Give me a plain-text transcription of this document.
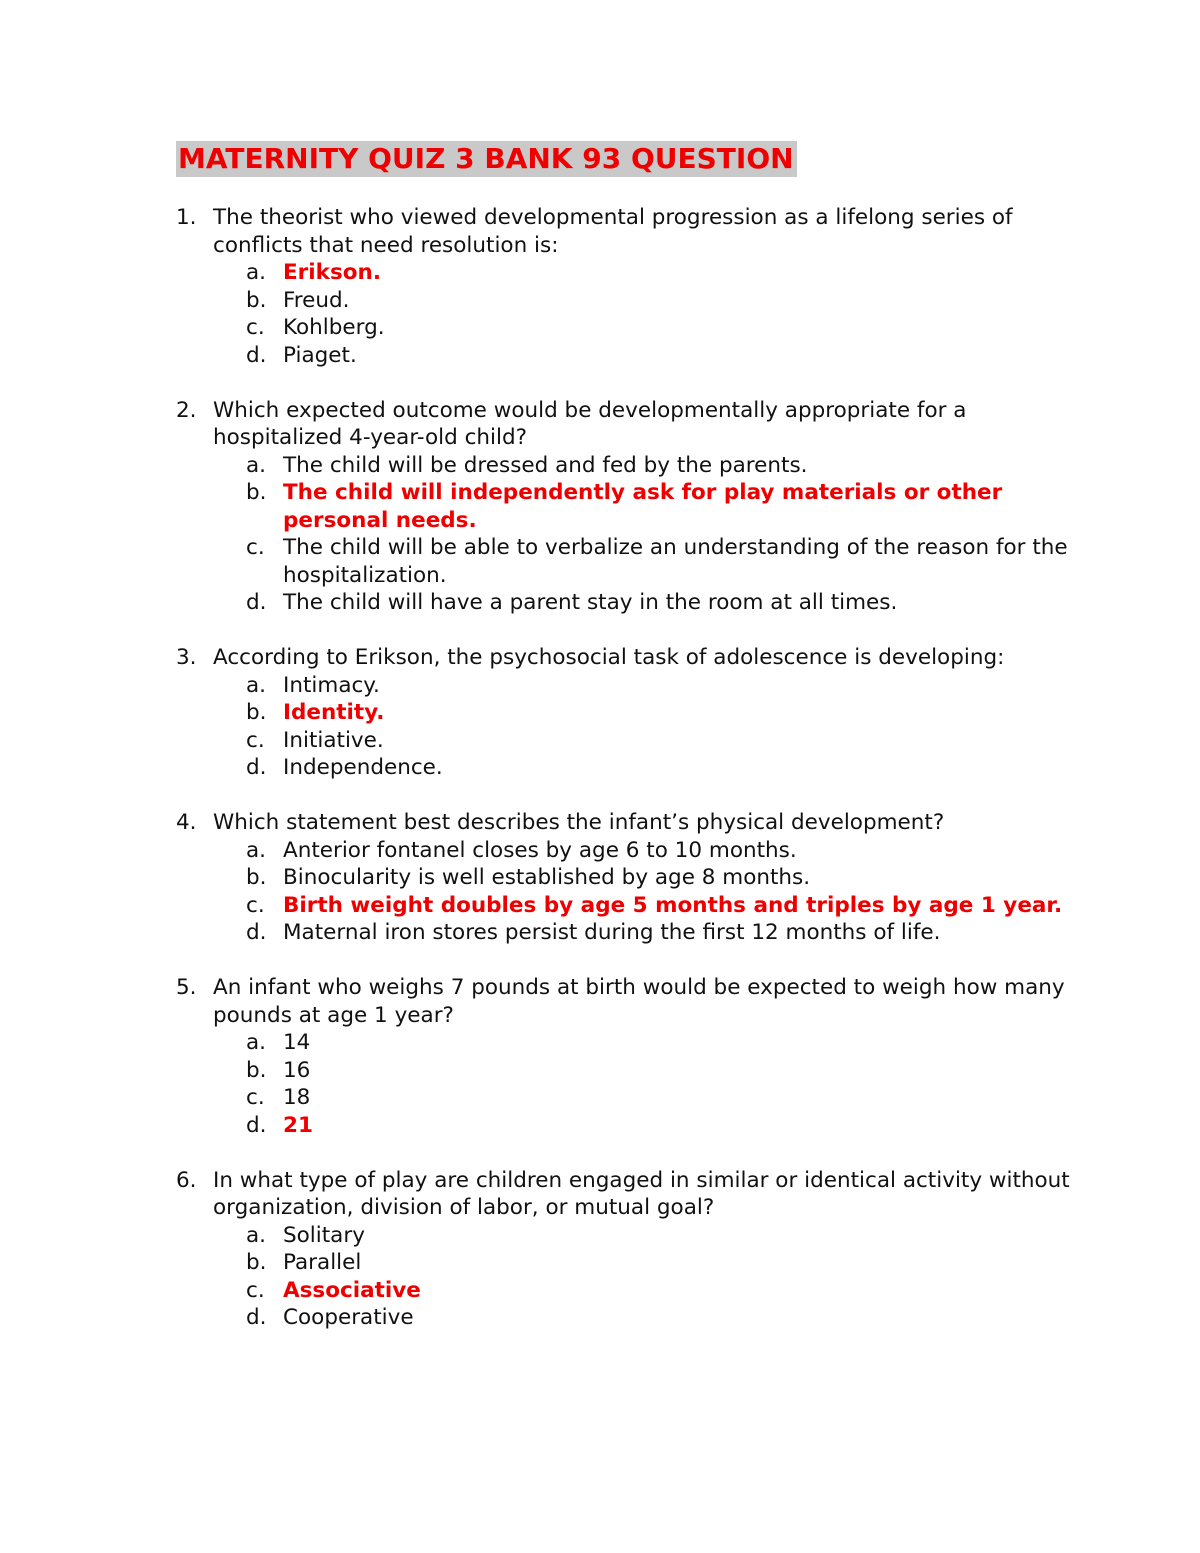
MATERNITY QUIZ 3 BANK 93 QUESTION
1. The theorist who viewed developmental progression as a lifelong series of conflicts that need resolution is:
a. Erikson.
b. Freud.
c. Kohlberg.
d. Piaget.
2. Which expected outcome would be developmentally appropriate for a hospitalized 4-year-old child?
a. The child will be dressed and fed by the parents.
b. The child will independently ask for play materials or other personal needs.
c. The child will be able to verbalize an understanding of the reason for the hospitalization.
d. The child will have a parent stay in the room at all times.
3. According to Erikson, the psychosocial task of adolescence is developing:
a. Intimacy.
b. Identity.
c. Initiative.
d. Independence.
4. Which statement best describes the infant’s physical development?
a. Anterior fontanel closes by age 6 to 10 months.
b. Binocularity is well established by age 8 months.
c. Birth weight doubles by age 5 months and triples by age 1 year.
d. Maternal iron stores persist during the first 12 months of life.
5. An infant who weighs 7 pounds at birth would be expected to weigh how many pounds at age 1 year?
a. 14
b. 16
c. 18
d. 21
6. In what type of play are children engaged in similar or identical activity without organization, division of labor, or mutual goal?
a. Solitary
b. Parallel
c. Associative
d. Cooperative
